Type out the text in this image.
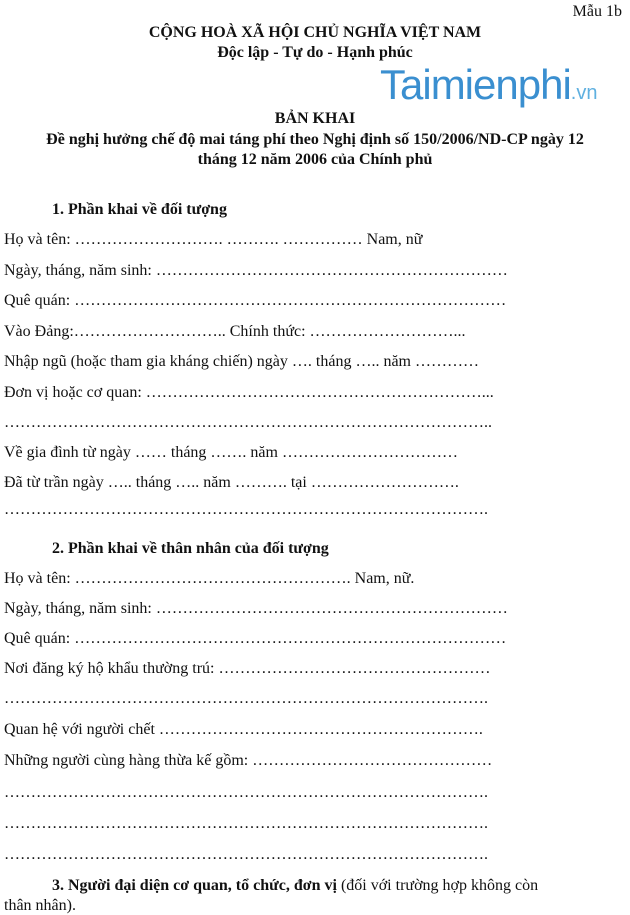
Mẫu 1b
CỘNG HOÀ XÃ HỘI CHỦ NGHĨA VIỆT NAM
Độc lập - Tự do - Hạnh phúc
Taimienphi.vn
BẢN KHAI
Đề nghị hưởng chế độ mai táng phí theo Nghị định số 150/2006/ND-CP ngày 12
tháng 12 năm 2006 của Chính phủ
1. Phần khai về đối tượng
Họ và tên: ………………………. ………. …………… Nam, nữ
Ngày, tháng, năm sinh: …………………………………………………………
Quê quán: ………………………………………………………………………
Vào Đảng:……………………….. Chính thức: ………………………...
Nhập ngũ (hoặc tham gia kháng chiến) ngày …. tháng ….. năm …………
Đơn vị hoặc cơ quan: ………………………………………………………...
………………………………………………………………………………..
Về gia đình từ ngày …… tháng ……. năm ……………………………
Đã từ trần ngày ….. tháng ….. năm ………. tại ……………………….
……………………………………………………………………………….
2. Phần khai về thân nhân của đối tượng
Họ và tên: ……………………………………………. Nam, nữ.
Ngày, tháng, năm sinh: …………………………………………………………
Quê quán: ………………………………………………………………………
Nơi đăng ký hộ khẩu thường trú: ……………………………………………
……………………………………………………………………………….
Quan hệ với người chết …………………………………………………….
Những người cùng hàng thừa kế gồm: ………………………………………
……………………………………………………………………………….
……………………………………………………………………………….
……………………………………………………………………………….
3. Người đại diện cơ quan, tổ chức, đơn vị (đối với trường hợp không còn
thân nhân).
